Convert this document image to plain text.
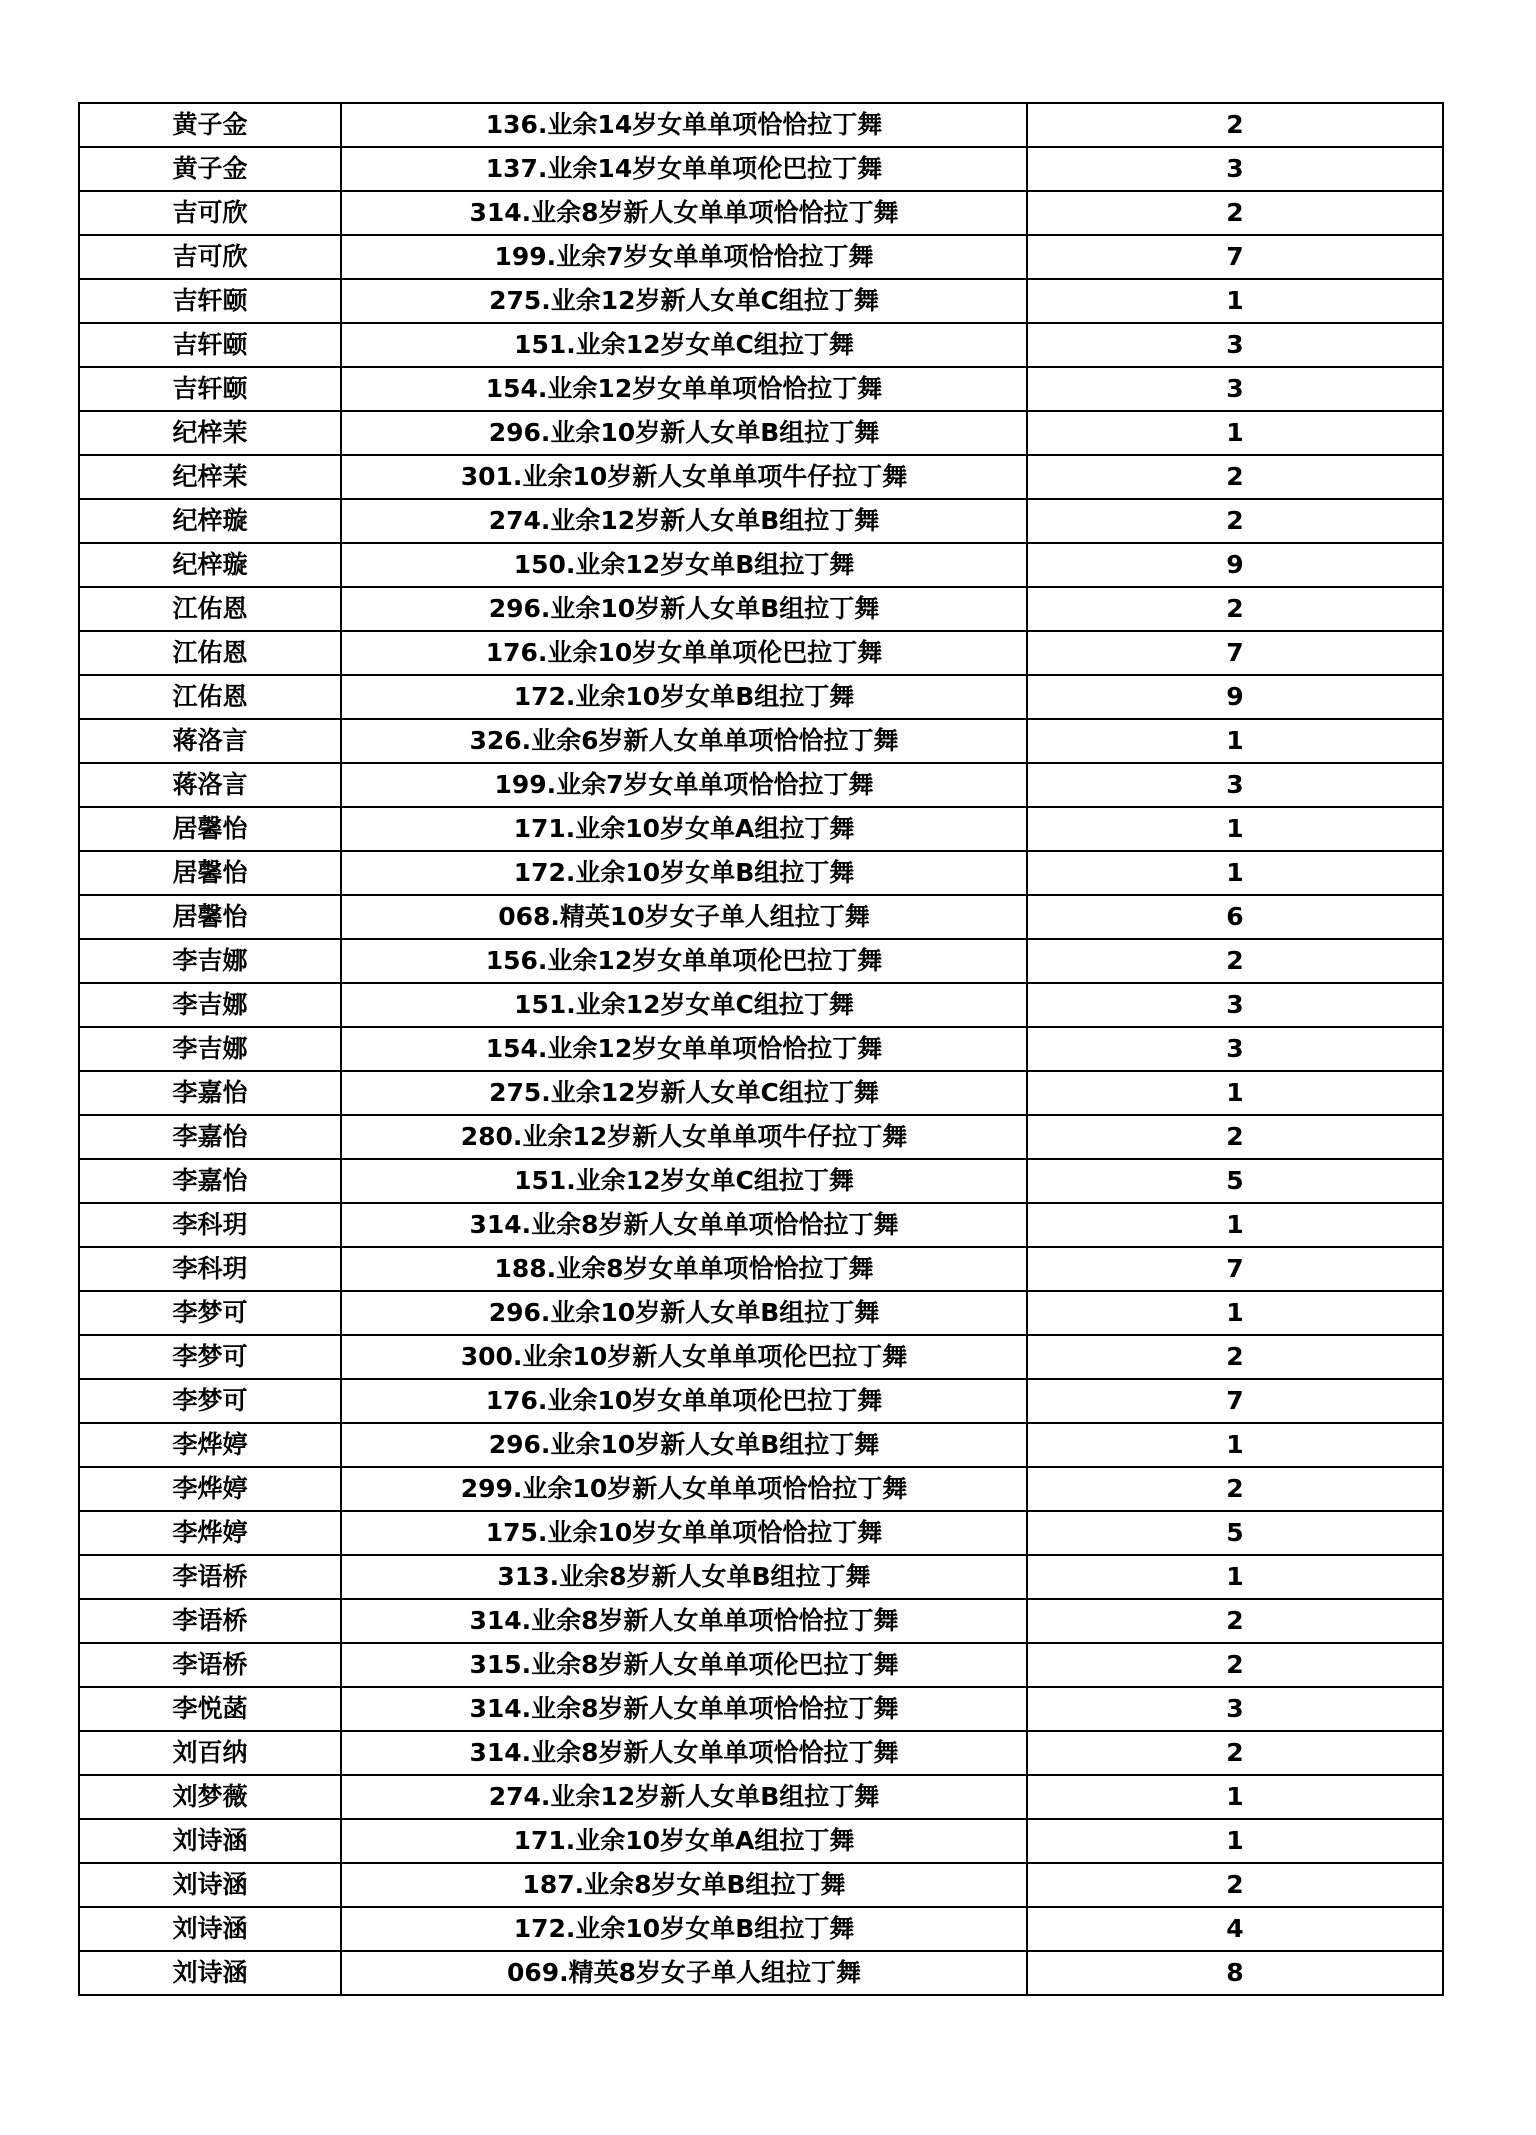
黄子金	136.业余14岁女单单项恰恰拉丁舞	2
黄子金	137.业余14岁女单单项伦巴拉丁舞	3
吉可欣	314.业余8岁新人女单单项恰恰拉丁舞	2
吉可欣	199.业余7岁女单单项恰恰拉丁舞	7
吉轩颐	275.业余12岁新人女单C组拉丁舞	1
吉轩颐	151.业余12岁女单C组拉丁舞	3
吉轩颐	154.业余12岁女单单项恰恰拉丁舞	3
纪梓茉	296.业余10岁新人女单B组拉丁舞	1
纪梓茉	301.业余10岁新人女单单项牛仔拉丁舞	2
纪梓璇	274.业余12岁新人女单B组拉丁舞	2
纪梓璇	150.业余12岁女单B组拉丁舞	9
江佑恩	296.业余10岁新人女单B组拉丁舞	2
江佑恩	176.业余10岁女单单项伦巴拉丁舞	7
江佑恩	172.业余10岁女单B组拉丁舞	9
蒋洛言	326.业余6岁新人女单单项恰恰拉丁舞	1
蒋洛言	199.业余7岁女单单项恰恰拉丁舞	3
居馨怡	171.业余10岁女单A组拉丁舞	1
居馨怡	172.业余10岁女单B组拉丁舞	1
居馨怡	068.精英10岁女子单人组拉丁舞	6
李吉娜	156.业余12岁女单单项伦巴拉丁舞	2
李吉娜	151.业余12岁女单C组拉丁舞	3
李吉娜	154.业余12岁女单单项恰恰拉丁舞	3
李嘉怡	275.业余12岁新人女单C组拉丁舞	1
李嘉怡	280.业余12岁新人女单单项牛仔拉丁舞	2
李嘉怡	151.业余12岁女单C组拉丁舞	5
李科玥	314.业余8岁新人女单单项恰恰拉丁舞	1
李科玥	188.业余8岁女单单项恰恰拉丁舞	7
李梦可	296.业余10岁新人女单B组拉丁舞	1
李梦可	300.业余10岁新人女单单项伦巴拉丁舞	2
李梦可	176.业余10岁女单单项伦巴拉丁舞	7
李烨婷	296.业余10岁新人女单B组拉丁舞	1
李烨婷	299.业余10岁新人女单单项恰恰拉丁舞	2
李烨婷	175.业余10岁女单单项恰恰拉丁舞	5
李语桥	313.业余8岁新人女单B组拉丁舞	1
李语桥	314.业余8岁新人女单单项恰恰拉丁舞	2
李语桥	315.业余8岁新人女单单项伦巴拉丁舞	2
李悦菡	314.业余8岁新人女单单项恰恰拉丁舞	3
刘百纳	314.业余8岁新人女单单项恰恰拉丁舞	2
刘梦薇	274.业余12岁新人女单B组拉丁舞	1
刘诗涵	171.业余10岁女单A组拉丁舞	1
刘诗涵	187.业余8岁女单B组拉丁舞	2
刘诗涵	172.业余10岁女单B组拉丁舞	4
刘诗涵	069.精英8岁女子单人组拉丁舞	8
